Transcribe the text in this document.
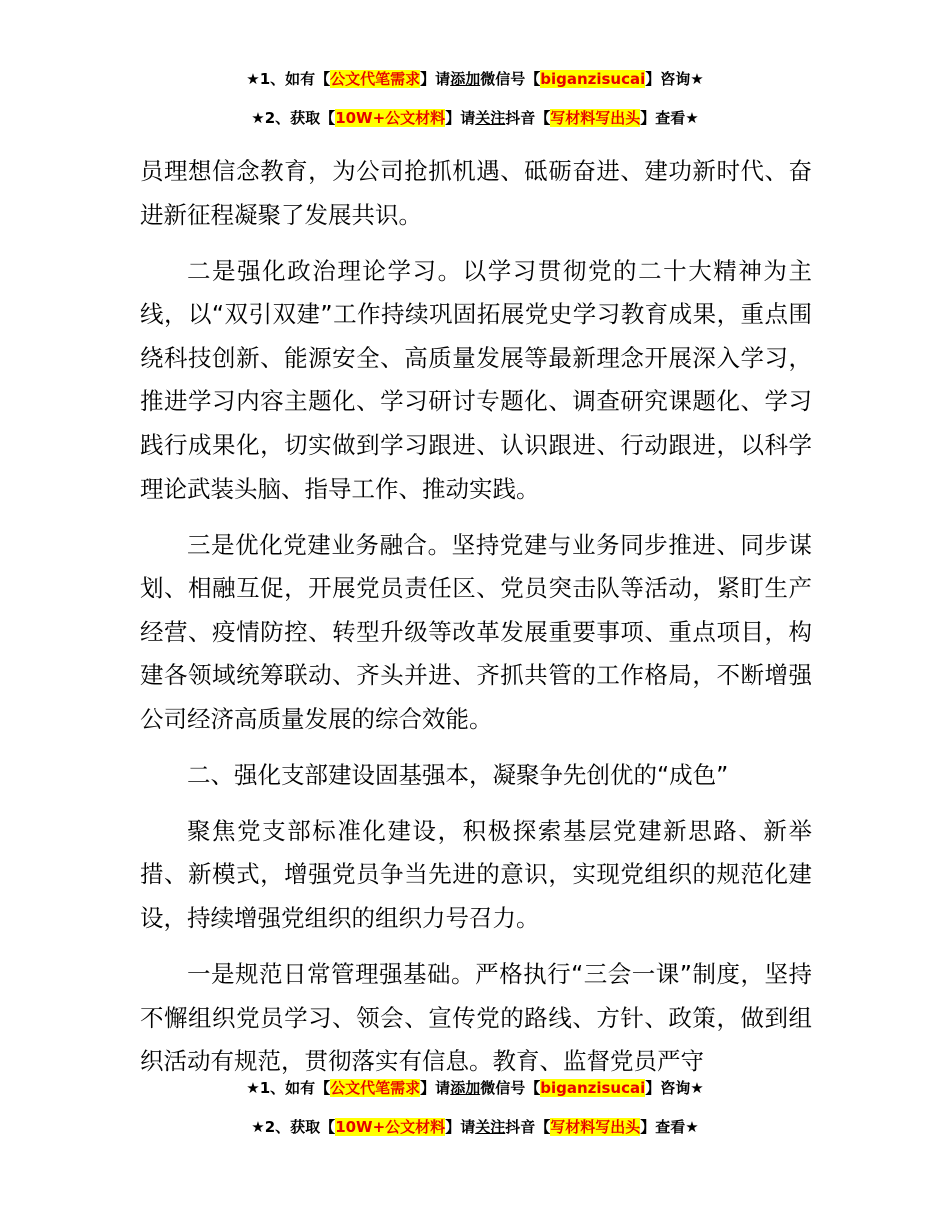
★1、如有【公文代笔需求】请添加微信号【biganzisucai】咨询★
★2、获取【10W+公文材料】请关注抖音【写材料写出头】查看★

员理想信念教育，为公司抢抓机遇、砥砺奋进、建功新时代、奋进新征程凝聚了发展共识。

二是强化政治理论学习。以学习贯彻党的二十大精神为主线，以“双引双建”工作持续巩固拓展党史学习教育成果，重点围绕科技创新、能源安全、高质量发展等最新理念开展深入学习，推进学习内容主题化、学习研讨专题化、调查研究课题化、学习践行成果化，切实做到学习跟进、认识跟进、行动跟进，以科学理论武装头脑、指导工作、推动实践。

三是优化党建业务融合。坚持党建与业务同步推进、同步谋划、相融互促，开展党员责任区、党员突击队等活动，紧盯生产经营、疫情防控、转型升级等改革发展重要事项、重点项目，构建各领域统筹联动、齐头并进、齐抓共管的工作格局，不断增强公司经济高质量发展的综合效能。

二、强化支部建设固基强本，凝聚争先创优的“成色”

聚焦党支部标准化建设，积极探索基层党建新思路、新举措、新模式，增强党员争当先进的意识，实现党组织的规范化建设，持续增强党组织的组织力号召力。

一是规范日常管理强基础。严格执行“三会一课”制度，坚持不懈组织党员学习、领会、宣传党的路线、方针、政策，做到组织活动有规范，贯彻落实有信息。教育、监督党员严守

★1、如有【公文代笔需求】请添加微信号【biganzisucai】咨询★
★2、获取【10W+公文材料】请关注抖音【写材料写出头】查看★
